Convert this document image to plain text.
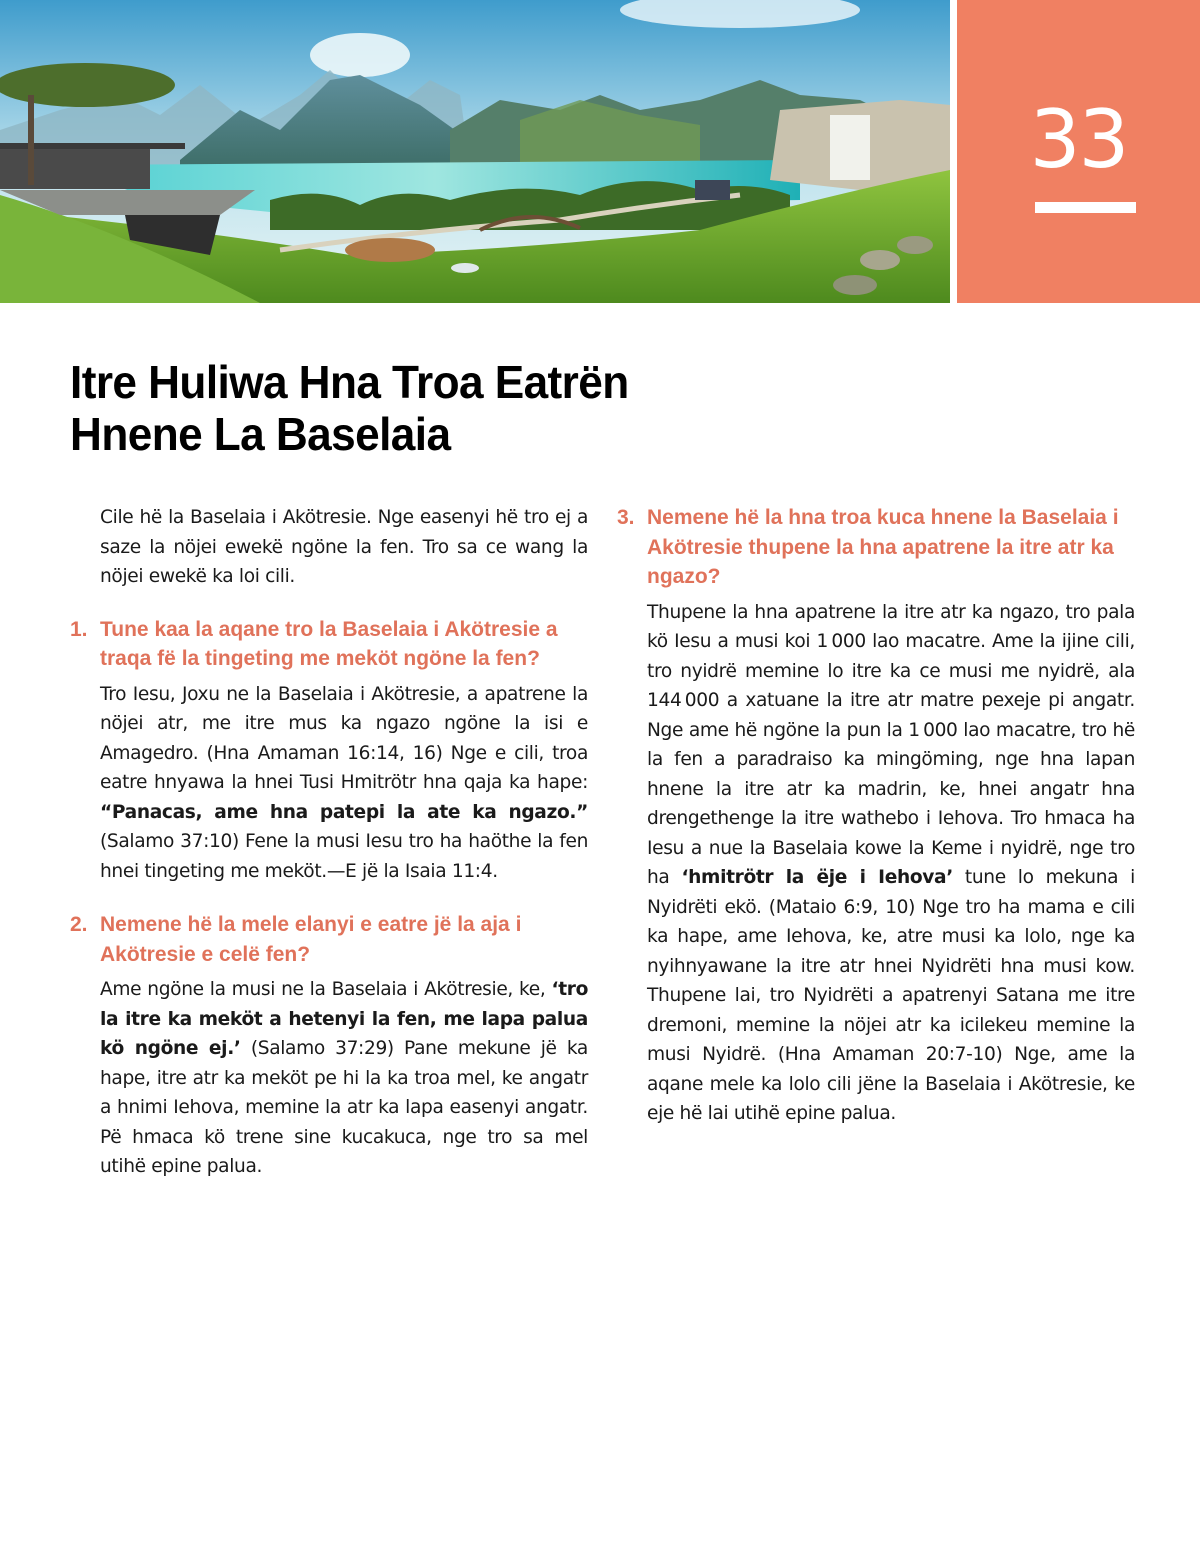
33
Itre Huliwa Hna Troa Eatrën
Hnene La Baselaia

Cile hë la Baselaia i Akötresie. Nge easenyi hë tro ej a saze la nöjei ewekë ngöne la fen. Tro sa ce wang la nöjei ewekë ka loi cili.

1. Tune kaa la aqane tro la Baselaia i Akötresie a traqa fë la tingeting me meköt ngöne la fen?

Tro Iesu, Joxu ne la Baselaia i Akötresie, a apatrene la nöjei atr, me itre mus ka ngazo ngöne la isi e Amagedro. (Hna Amaman 16:14, 16) Nge e cili, troa eatre hnyawa la hnei Tusi Hmitrötr hna qaja ka hape: “Panacas, ame hna patepi la ate ka ngazo.” (Salamo 37:10) Fene la musi Iesu tro ha haöthe la fen hnei tingeting me meköt.—E jë la Isaia 11:4.

2. Nemene hë la mele elanyi e eatre jë la aja i Akötresie e celë fen?

Ame ngöne la musi ne la Baselaia i Akötresie, ke, ‘tro la itre ka meköt a hetenyi la fen, me lapa palua kö ngöne ej.’ (Salamo 37:29) Pane mekune jë ka hape, itre atr ka meköt pe hi la ka troa mel, ke angatr a hnimi Iehova, memine la atr ka lapa easenyi angatr. Pë hmaca kö trene sine kucakuca, nge tro sa mel utihë epine palua.

3. Nemene hë la hna troa kuca hnene la Baselaia i Akötresie thupene la hna apatrene la itre atr ka ngazo?

Thupene la hna apatrene la itre atr ka ngazo, tro pala kö Iesu a musi koi 1 000 lao macatre. Ame la ijine cili, tro nyidrë memine lo itre ka ce musi me nyidrë, ala 144 000 a xatuane la itre atr matre pexeje pi angatr. Nge ame hë ngöne la pun la 1 000 lao macatre, tro hë la fen a paradraiso ka mingöming, nge hna lapan hnene la itre atr ka madrin, ke, hnei angatr hna drengethenge la itre wathebo i Iehova. Tro hmaca ha Iesu a nue la Baselaia kowe la Keme i nyidrë, nge tro ha ‘hmitrötr la ëje i Iehova’ tune lo mekuna i Nyidrëti ekö. (Mataio 6:9, 10) Nge tro ha mama e cili ka hape, ame Iehova, ke, atre musi ka lolo, nge ka nyihnyawane la itre atr hnei Nyidrëti hna musi kow. Thupene lai, tro Nyidrëti a apatrenyi Satana me itre dremoni, memine la nöjei atr ka icilekeu memine la musi Nyidrë. (Hna Amaman 20:7-10) Nge, ame la aqane mele ka lolo cili jëne la Baselaia i Akötresie, ke eje hë lai utihë epine palua.
